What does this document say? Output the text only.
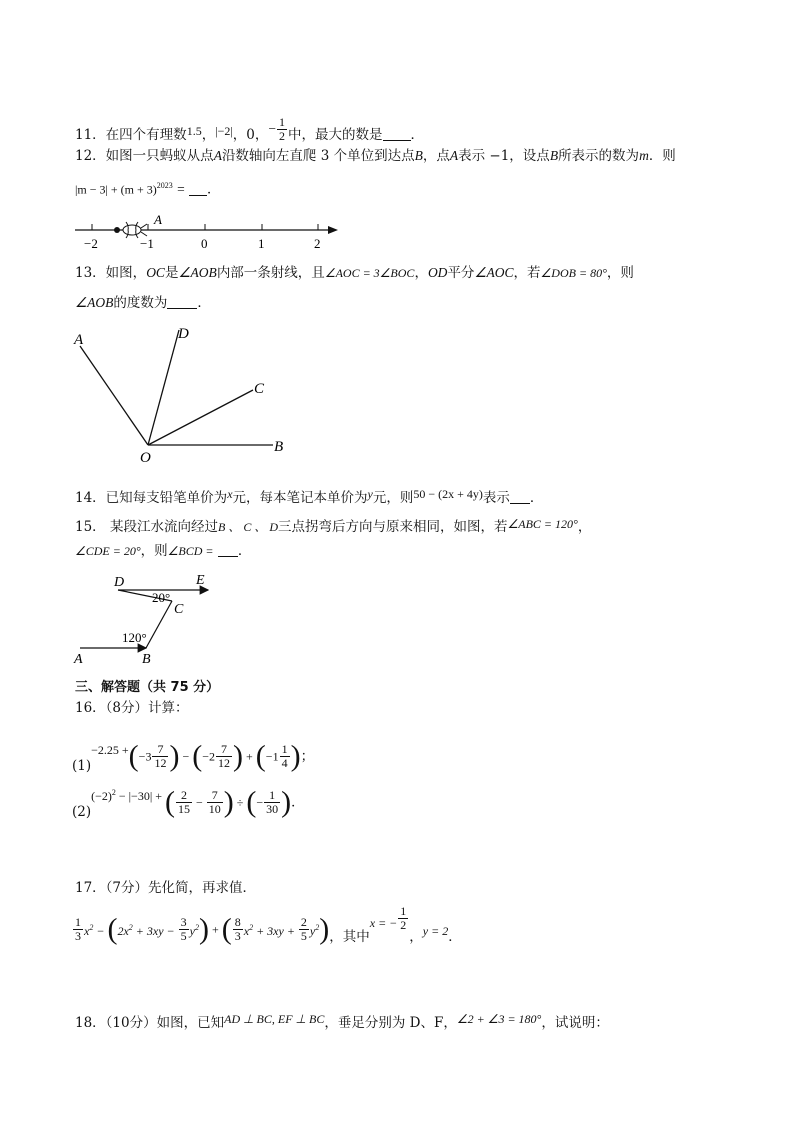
11．在四个有理数1.5，|−2|，0，− $\frac{1}{2}$ 中，最大的数是 ．
12．如图一只蚂蚁从点A沿数轴向左直爬 3 个单位到达点B，点A表示 −1，设点B所表示的数为m．则
$|m - 3| + (m + 3)^{2023}$ = ．
A
−2	−1	0	1	2
13．如图，OC是∠AOB内部一条射线，且∠AOC = 3∠BOC，OD平分∠AOC，若∠DOB = 80°，则
∠AOB的度数为 ．
A	D
C
B
O
14．已知每支铅笔单价为x元，每本笔记本单价为y元，则50 − (2x + 4y)表示 ．
15． 某段江水流向经过B 、 C 、 D三点拐弯后方向与原来相同，如图，若∠ABC = 120°，
∠CDE = 20°，则∠BCD = ．
D	E
C
A	B
20°
120°
三、解答题（共 75 分）
16．（8分）计算：
$(1)-2.25 +(-3 \frac{7}{12}$ ) − ($-2 \frac{7}{12}$ ) + ($-1 \frac{1}{4}$ )；
$(2)(-2)^2 - |-30|$ + ( $\frac{2}{15} - \frac{7}{10}$ ) ÷ (− $\frac{1}{30}$ )．
17．（7分）先化简，再求值．
$\frac{1}{3} x^2 - (2x^2 + 3xy - \frac{3}{5} y^2)$ + ( $\frac{8}{3} x^2 + 3xy + \frac{2}{5} y^2$)，其中x = − $\frac{1}{2}$
，y = 2．
18．（10分）如图，已知AD ⊥ BC, EF ⊥ BC，垂足分别为 D、F，∠2 + ∠3 = 180°，试说明：
